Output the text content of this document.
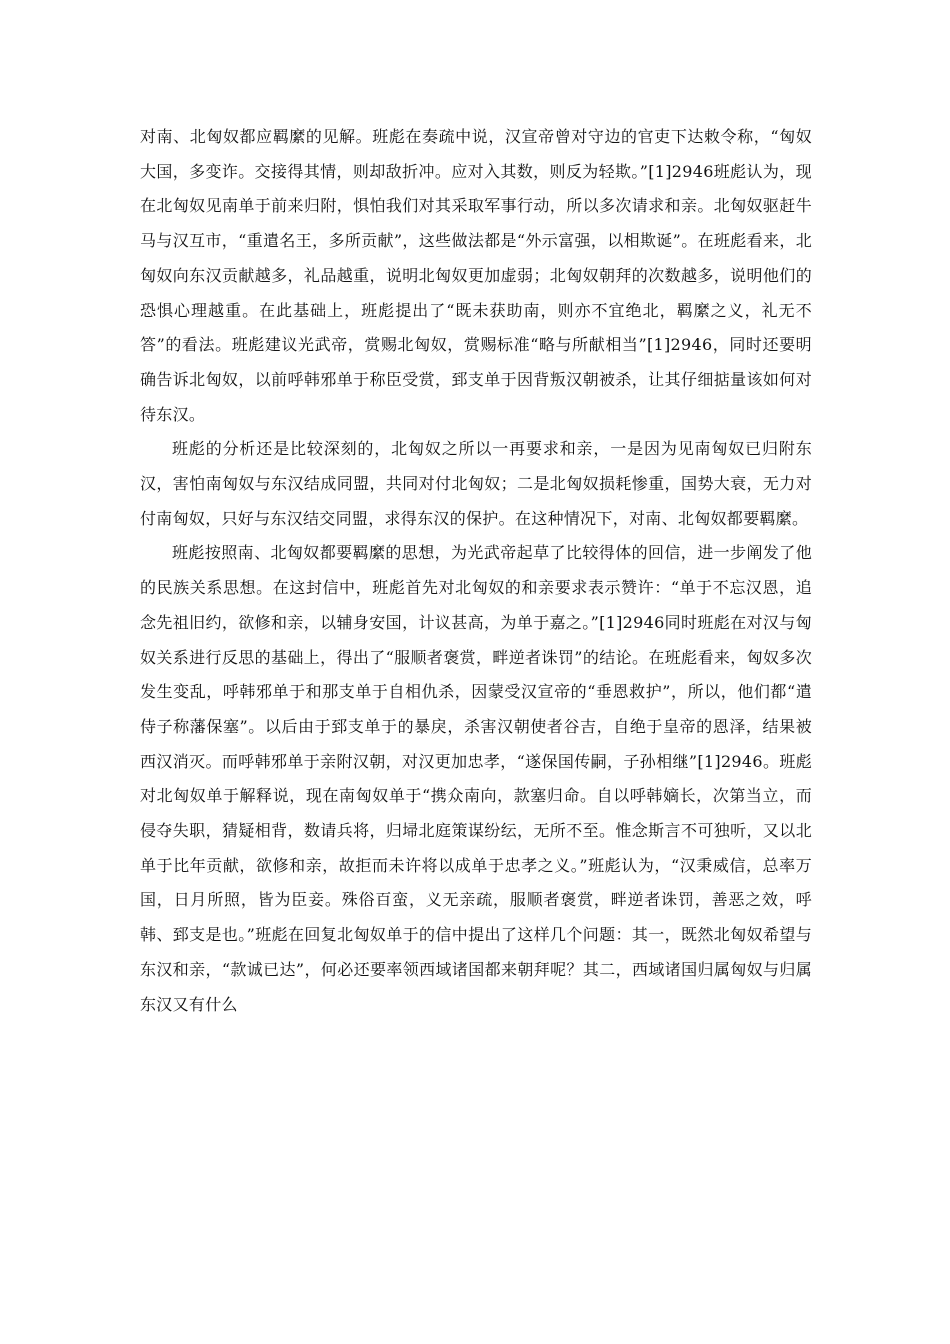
对南、北匈奴都应羁縻的见解。班彪在奏疏中说，汉宣帝曾对守边的官吏下达敕令称，“匈奴大国，多变诈。交接得其情，则却敌折冲。应对入其数，则反为轻欺。”[1]2946班彪认为，现在北匈奴见南单于前来归附，惧怕我们对其采取军事行动，所以多次请求和亲。北匈奴驱赶牛马与汉互市，“重遣名王，多所贡献”，这些做法都是“外示富强，以相欺诞”。在班彪看来，北匈奴向东汉贡献越多，礼品越重，说明北匈奴更加虚弱；北匈奴朝拜的次数越多，说明他们的恐惧心理越重。在此基础上，班彪提出了“既未获助南，则亦不宜绝北，羁縻之义，礼无不答”的看法。班彪建议光武帝，赏赐北匈奴，赏赐标准“略与所献相当”[1]2946，同时还要明确告诉北匈奴，以前呼韩邪单于称臣受赏，郅支单于因背叛汉朝被杀，让其仔细掂量该如何对待东汉。

班彪的分析还是比较深刻的，北匈奴之所以一再要求和亲，一是因为见南匈奴已归附东汉，害怕南匈奴与东汉结成同盟，共同对付北匈奴；二是北匈奴损耗惨重，国势大衰，无力对付南匈奴，只好与东汉结交同盟，求得东汉的保护。在这种情况下，对南、北匈奴都要羁縻。

班彪按照南、北匈奴都要羁縻的思想，为光武帝起草了比较得体的回信，进一步阐发了他的民族关系思想。在这封信中，班彪首先对北匈奴的和亲要求表示赞许：“单于不忘汉恩，追念先祖旧约，欲修和亲，以辅身安国，计议甚高，为单于嘉之。”[1]2946同时班彪在对汉与匈奴关系进行反思的基础上，得出了“服顺者褒赏，畔逆者诛罚”的结论。在班彪看来，匈奴多次发生变乱，呼韩邪单于和那支单于自相仇杀，因蒙受汉宣帝的“垂恩救护”，所以，他们都“遣侍子称藩保塞”。以后由于郅支单于的暴戾，杀害汉朝使者谷吉，自绝于皇帝的恩泽，结果被西汉消灭。而呼韩邪单于亲附汉朝，对汉更加忠孝，“遂保国传嗣，子孙相继”[1]2946。班彪对北匈奴单于解释说，现在南匈奴单于“携众南向，款塞归命。自以呼韩嫡长，次第当立，而侵夺失职，猜疑相背，数请兵将，归埽北庭策谋纷纭，无所不至。惟念斯言不可独听，又以北单于比年贡献，欲修和亲，故拒而未许将以成单于忠孝之义。”班彪认为，“汉秉威信，总率万国，日月所照，皆为臣妾。殊俗百蛮，义无亲疏，服顺者褒赏，畔逆者诛罚，善恶之效，呼韩、郅支是也。”班彪在回复北匈奴单于的信中提出了这样几个问题：其一，既然北匈奴希望与东汉和亲，“款诚已达”，何必还要率领西域诸国都来朝拜呢？其二，西域诸国归属匈奴与归属东汉又有什么
